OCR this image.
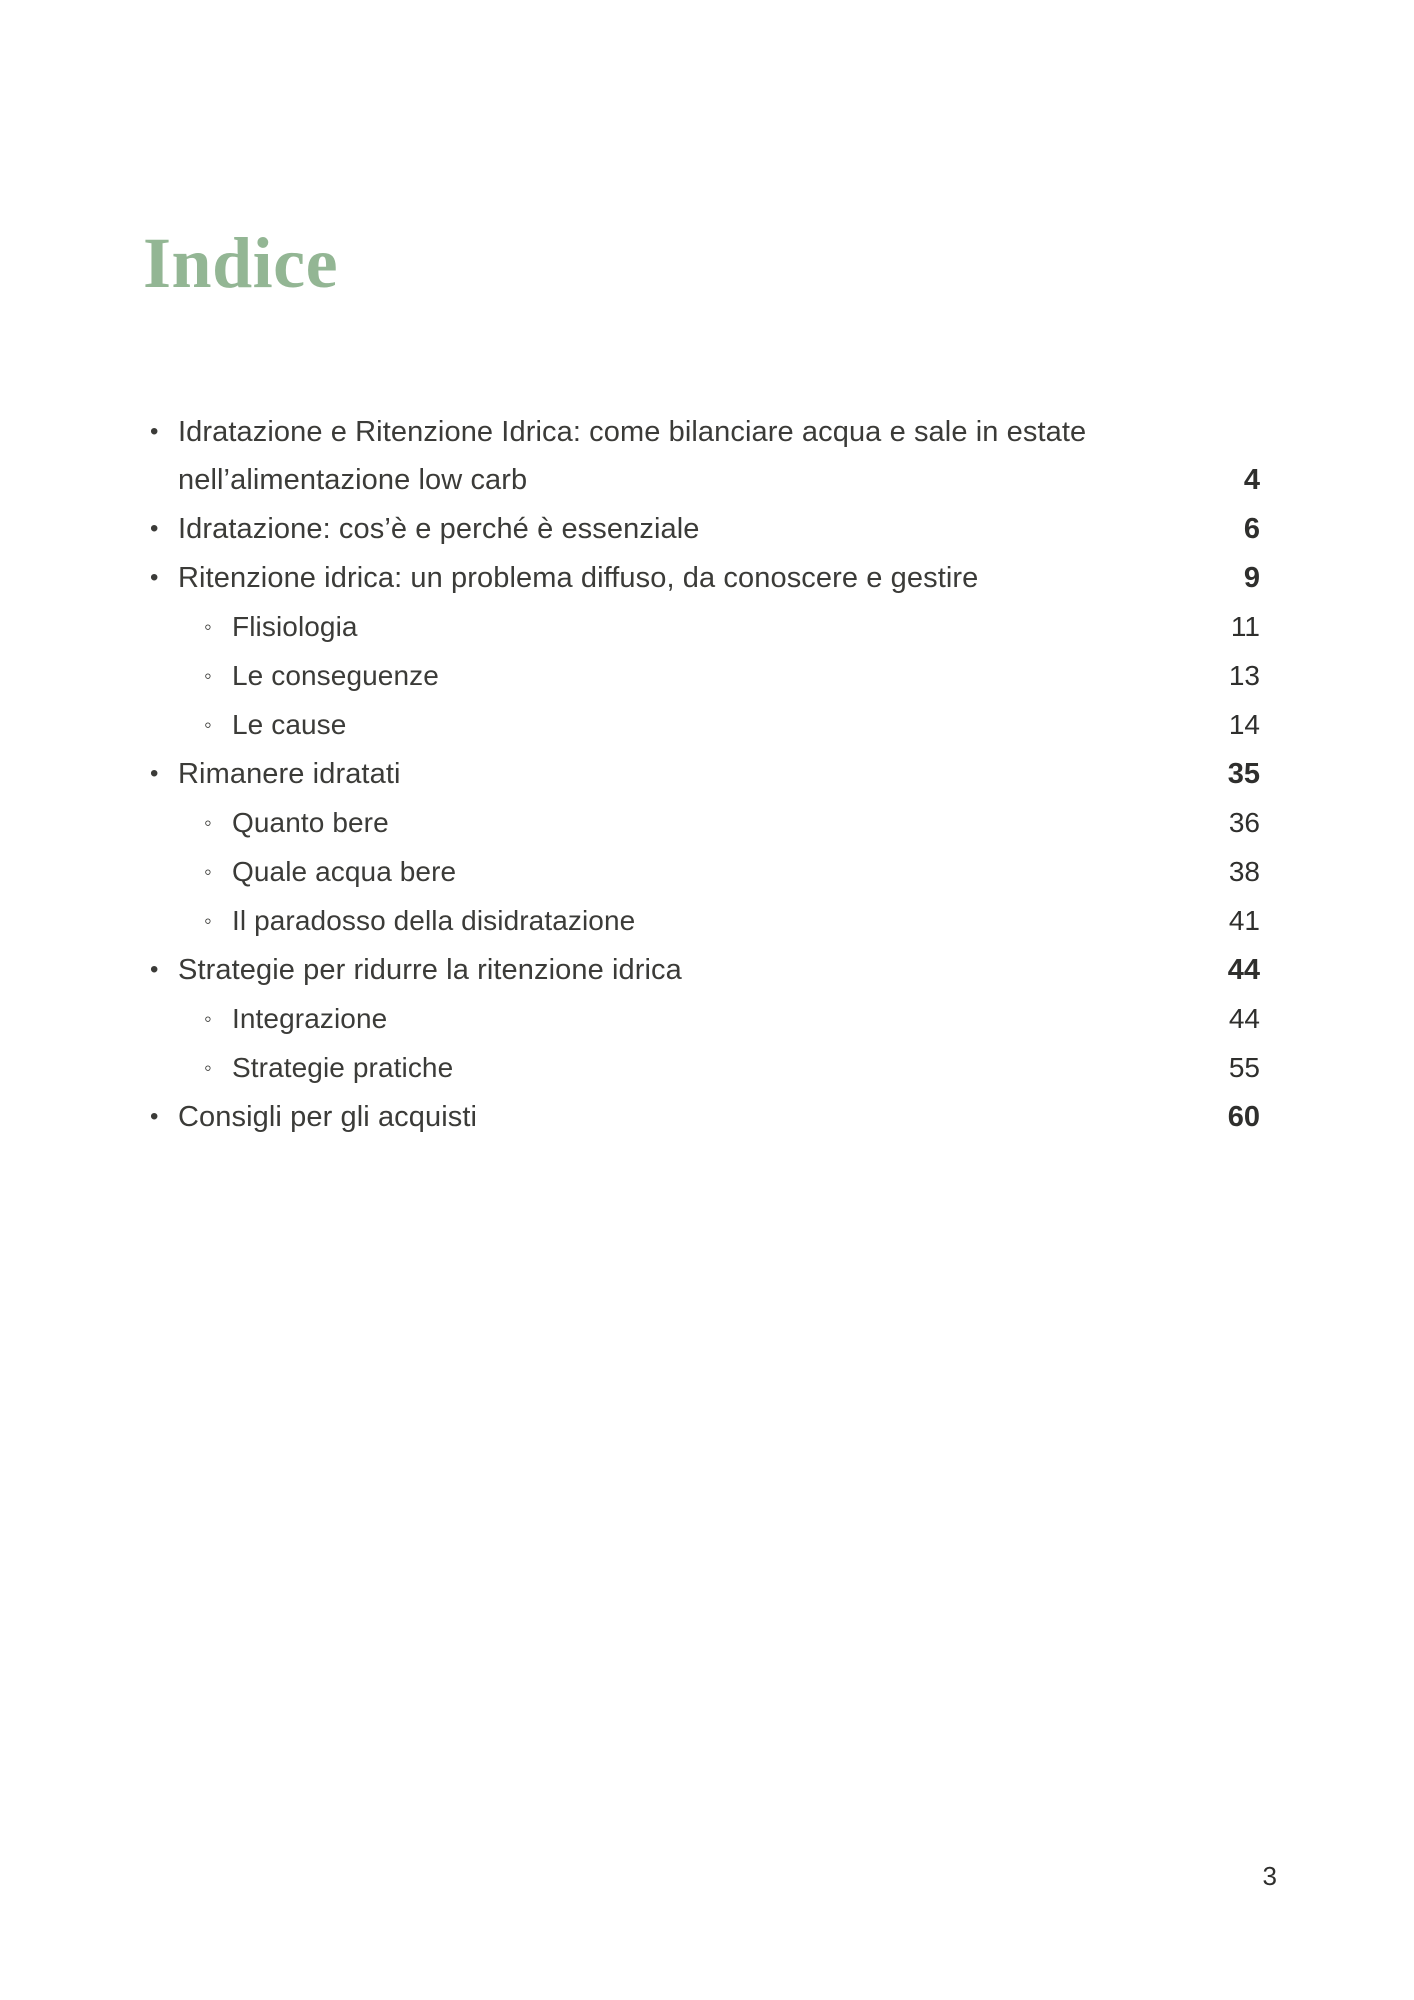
Indice
•
Idratazione e Ritenzione Idrica: come bilanciare acqua e sale in estate nell’alimentazione low carb	4
•
Idratazione: cos’è e perché è essenziale	6
•
Ritenzione idrica: un problema diffuso, da conoscere e gestire	9
◦
Flisiologia	11
◦
Le conseguenze	13
◦
Le cause	14
•
Rimanere idratati	35
◦
Quanto bere	36
◦
Quale acqua bere	38
◦
Il paradosso della disidratazione	41
•
Strategie per ridurre la ritenzione idrica	44
◦
Integrazione	44
◦
Strategie pratiche	55
•
Consigli per gli acquisti	60
3
